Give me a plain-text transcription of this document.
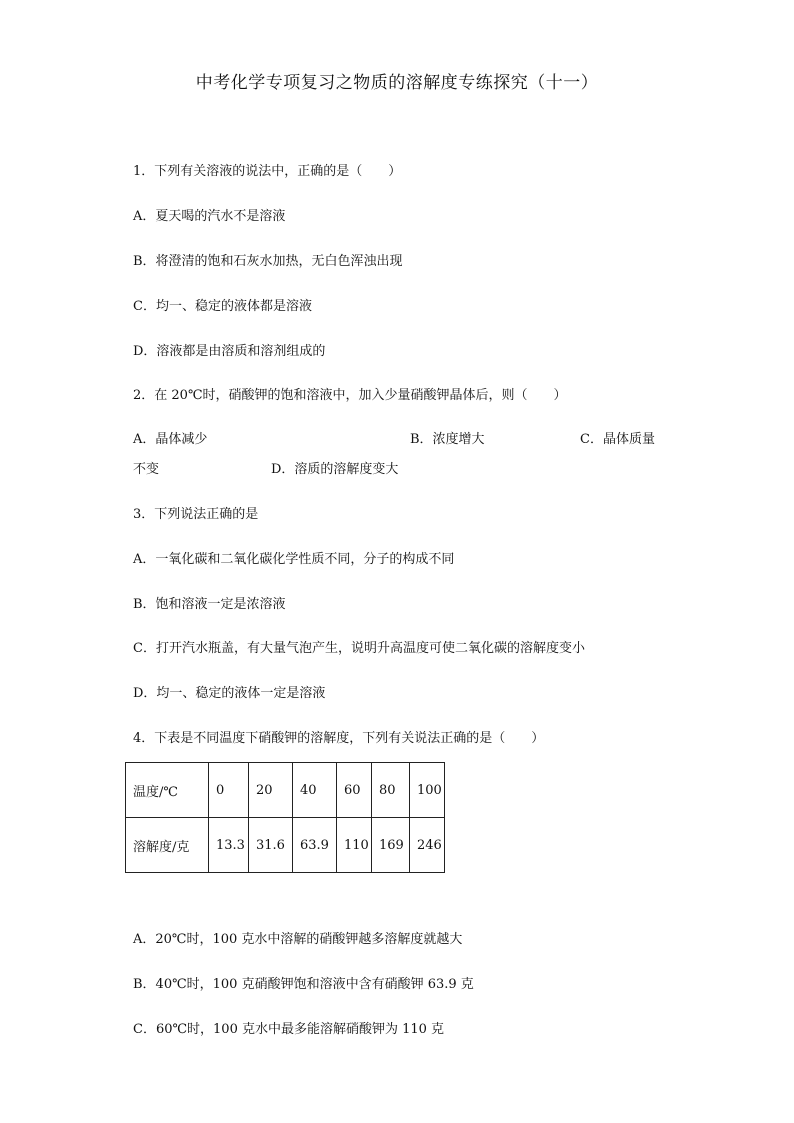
中考化学专项复习之物质的溶解度专练探究（十一）
1．下列有关溶液的说法中，正确的是（　　）
A．夏天喝的汽水不是溶液
B．将澄清的饱和石灰水加热，无白色浑浊出现
C．均一、稳定的液体都是溶液
D．溶液都是由溶质和溶剂组成的
2．在 20℃时，硝酸钾的饱和溶液中，加入少量硝酸钾晶体后，则（　　）
A．晶体减少	B．浓度增大	C．晶体质量
不变	D．溶质的溶解度变大
3．下列说法正确的是
A．一氧化碳和二氧化碳化学性质不同，分子的构成不同
B．饱和溶液一定是浓溶液
C．打开汽水瓶盖，有大量气泡产生，说明升高温度可使二氧化碳的溶解度变小
D．均一、稳定的液体一定是溶液
4．下表是不同温度下硝酸钾的溶解度，下列有关说法正确的是（　　）
温度/℃	0	20	40	60	80	100
溶解度/克	13.3	31.6	63.9	110	169	246
A．20℃时，100 克水中溶解的硝酸钾越多溶解度就越大
B．40℃时，100 克硝酸钾饱和溶液中含有硝酸钾 63.9 克
C．60℃时，100 克水中最多能溶解硝酸钾为 110 克
